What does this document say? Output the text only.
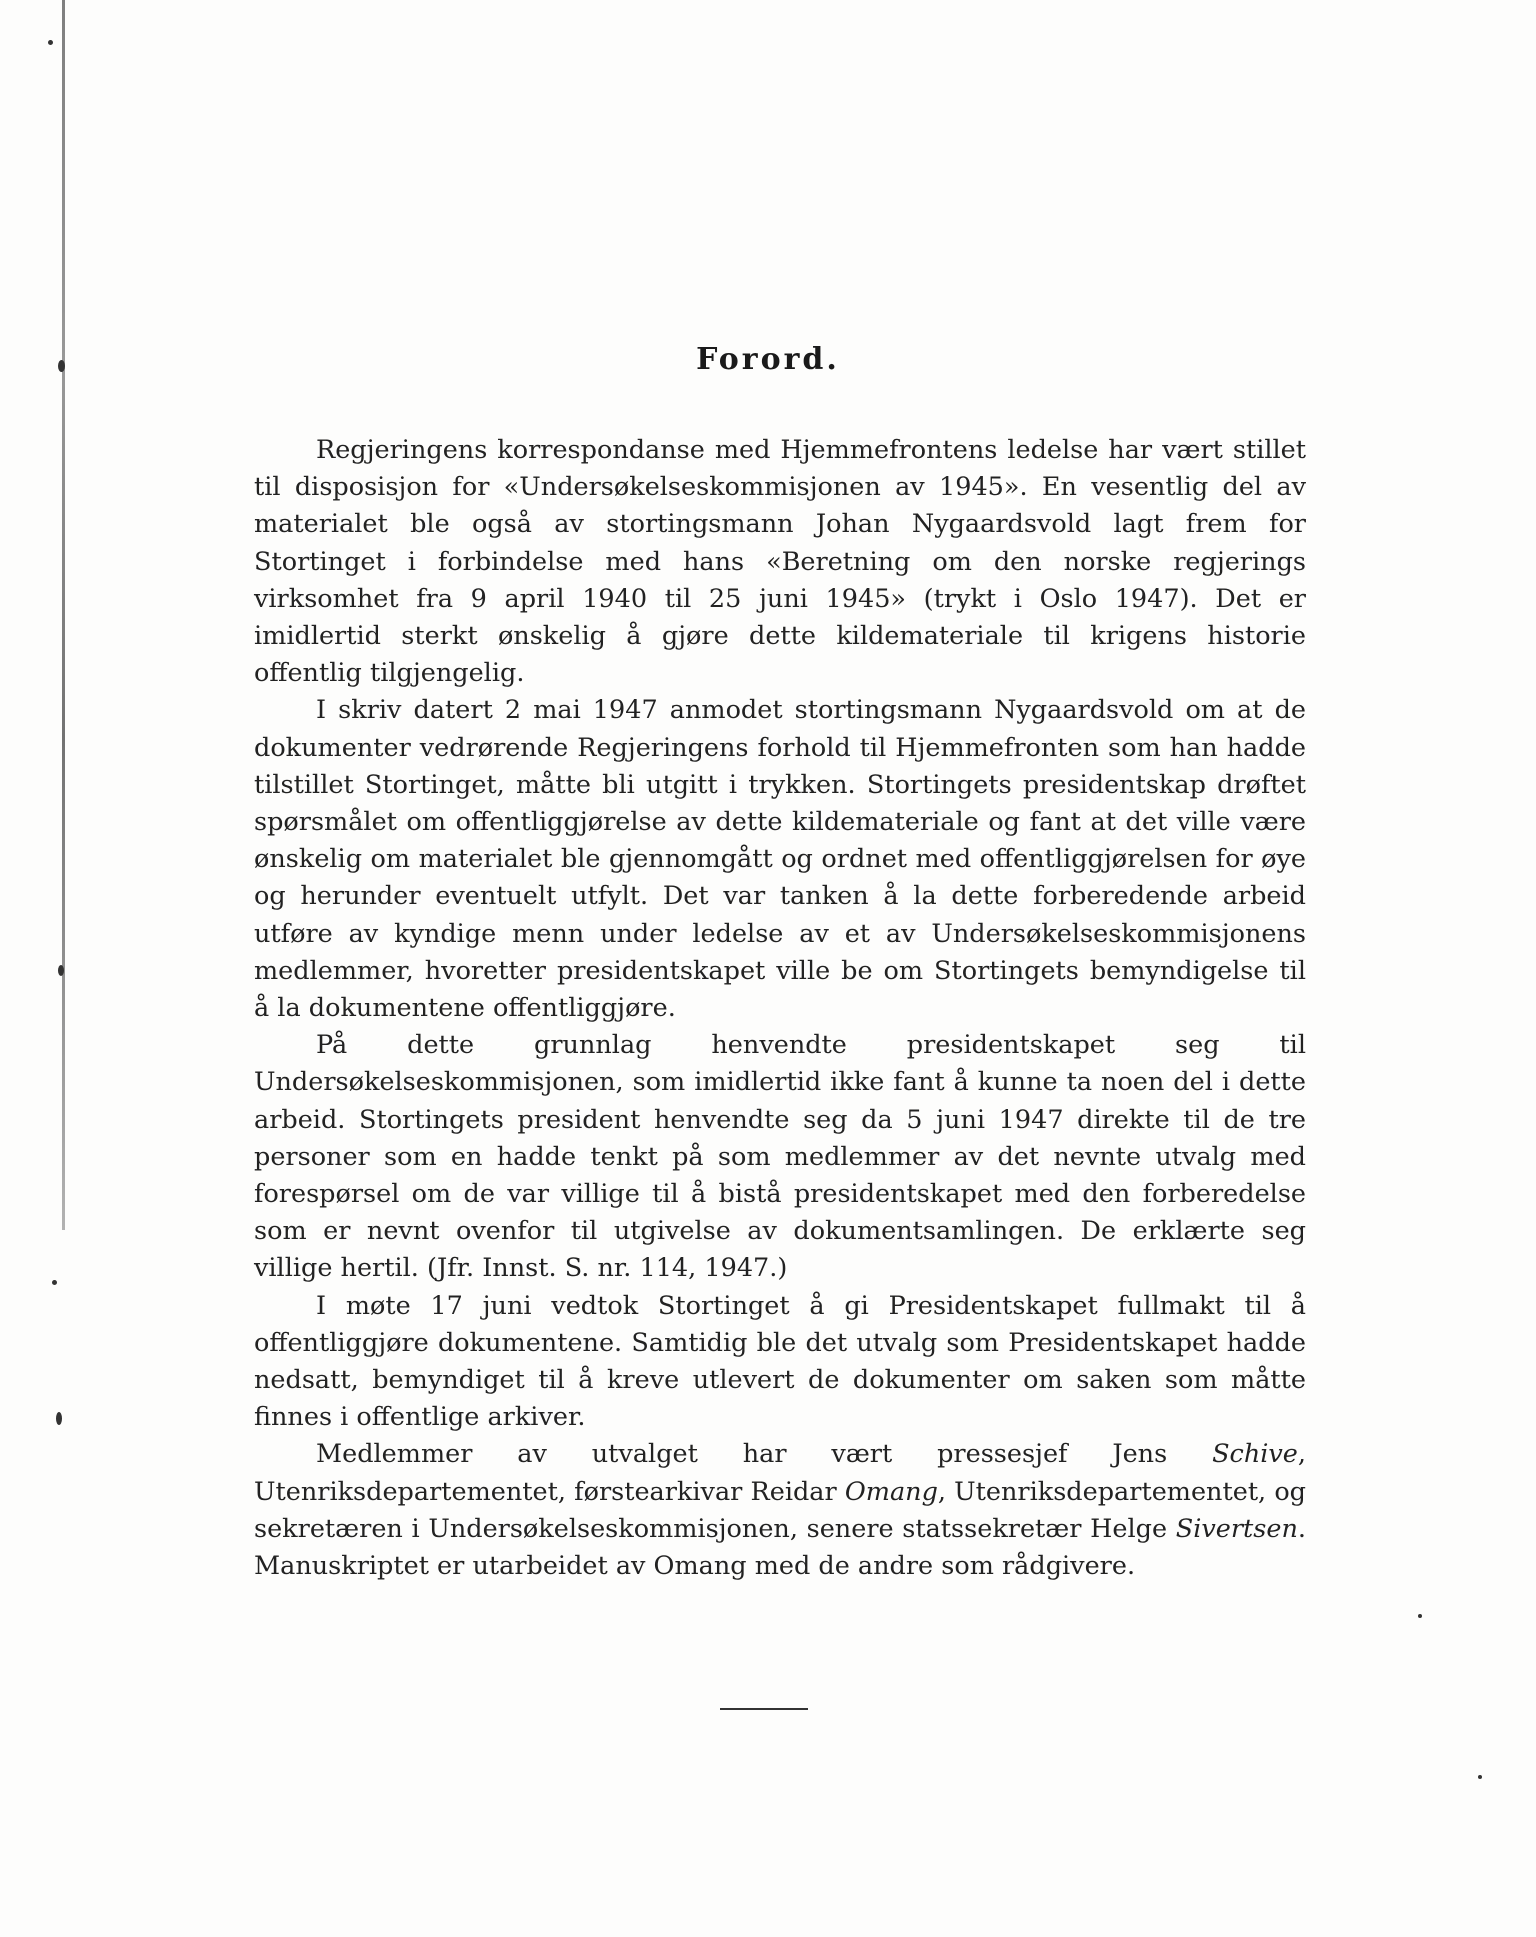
Forord.

Regjeringens korrespondanse med Hjemmefrontens ledelse har vært stillet til disposisjon for «Undersøkelseskommisjonen av 1945». En vesentlig del av materialet ble også av stortingsmann Johan Nygaardsvold lagt frem for Stortinget i forbindelse med hans «Beretning om den norske regjerings virksomhet fra 9 april 1940 til 25 juni 1945» (trykt i Oslo 1947). Det er imidlertid sterkt ønskelig å gjøre dette kildemateriale til krigens historie offentlig tilgjengelig.

I skriv datert 2 mai 1947 anmodet stortingsmann Nygaardsvold om at de dokumenter vedrørende Regjeringens forhold til Hjemmefronten som han hadde tilstillet Stortinget, måtte bli utgitt i trykken. Stortingets presidentskap drøftet spørsmålet om offentliggjørelse av dette kildemateriale og fant at det ville være ønskelig om materialet ble gjennomgått og ordnet med offentliggjørelsen for øye og herunder eventuelt utfylt. Det var tanken å la dette forberedende arbeid utføre av kyndige menn under ledelse av et av Undersøkelseskommisjonens medlemmer, hvoretter presidentskapet ville be om Stortingets bemyndigelse til å la dokumentene offentliggjøre.

På dette grunnlag henvendte presidentskapet seg til Undersøkelseskommisjonen, som imidlertid ikke fant å kunne ta noen del i dette arbeid. Stortingets president henvendte seg da 5 juni 1947 direkte til de tre personer som en hadde tenkt på som medlemmer av det nevnte utvalg med forespørsel om de var villige til å bistå presidentskapet med den forberedelse som er nevnt ovenfor til utgivelse av dokumentsamlingen. De erklærte seg villige hertil. (Jfr. Innst. S. nr. 114, 1947.)

I møte 17 juni vedtok Stortinget å gi Presidentskapet fullmakt til å offentliggjøre dokumentene. Samtidig ble det utvalg som Presidentskapet hadde nedsatt, bemyndiget til å kreve utlevert de dokumenter om saken som måtte finnes i offentlige arkiver.

Medlemmer av utvalget har vært pressesjef Jens Schive, Utenriksdepartementet, førstearkivar Reidar Omang, Utenriksdepartementet, og sekretæren i Undersøkelseskommisjonen, senere statssekretær Helge Sivertsen. Manuskriptet er utarbeidet av Omang med de andre som rådgivere.
